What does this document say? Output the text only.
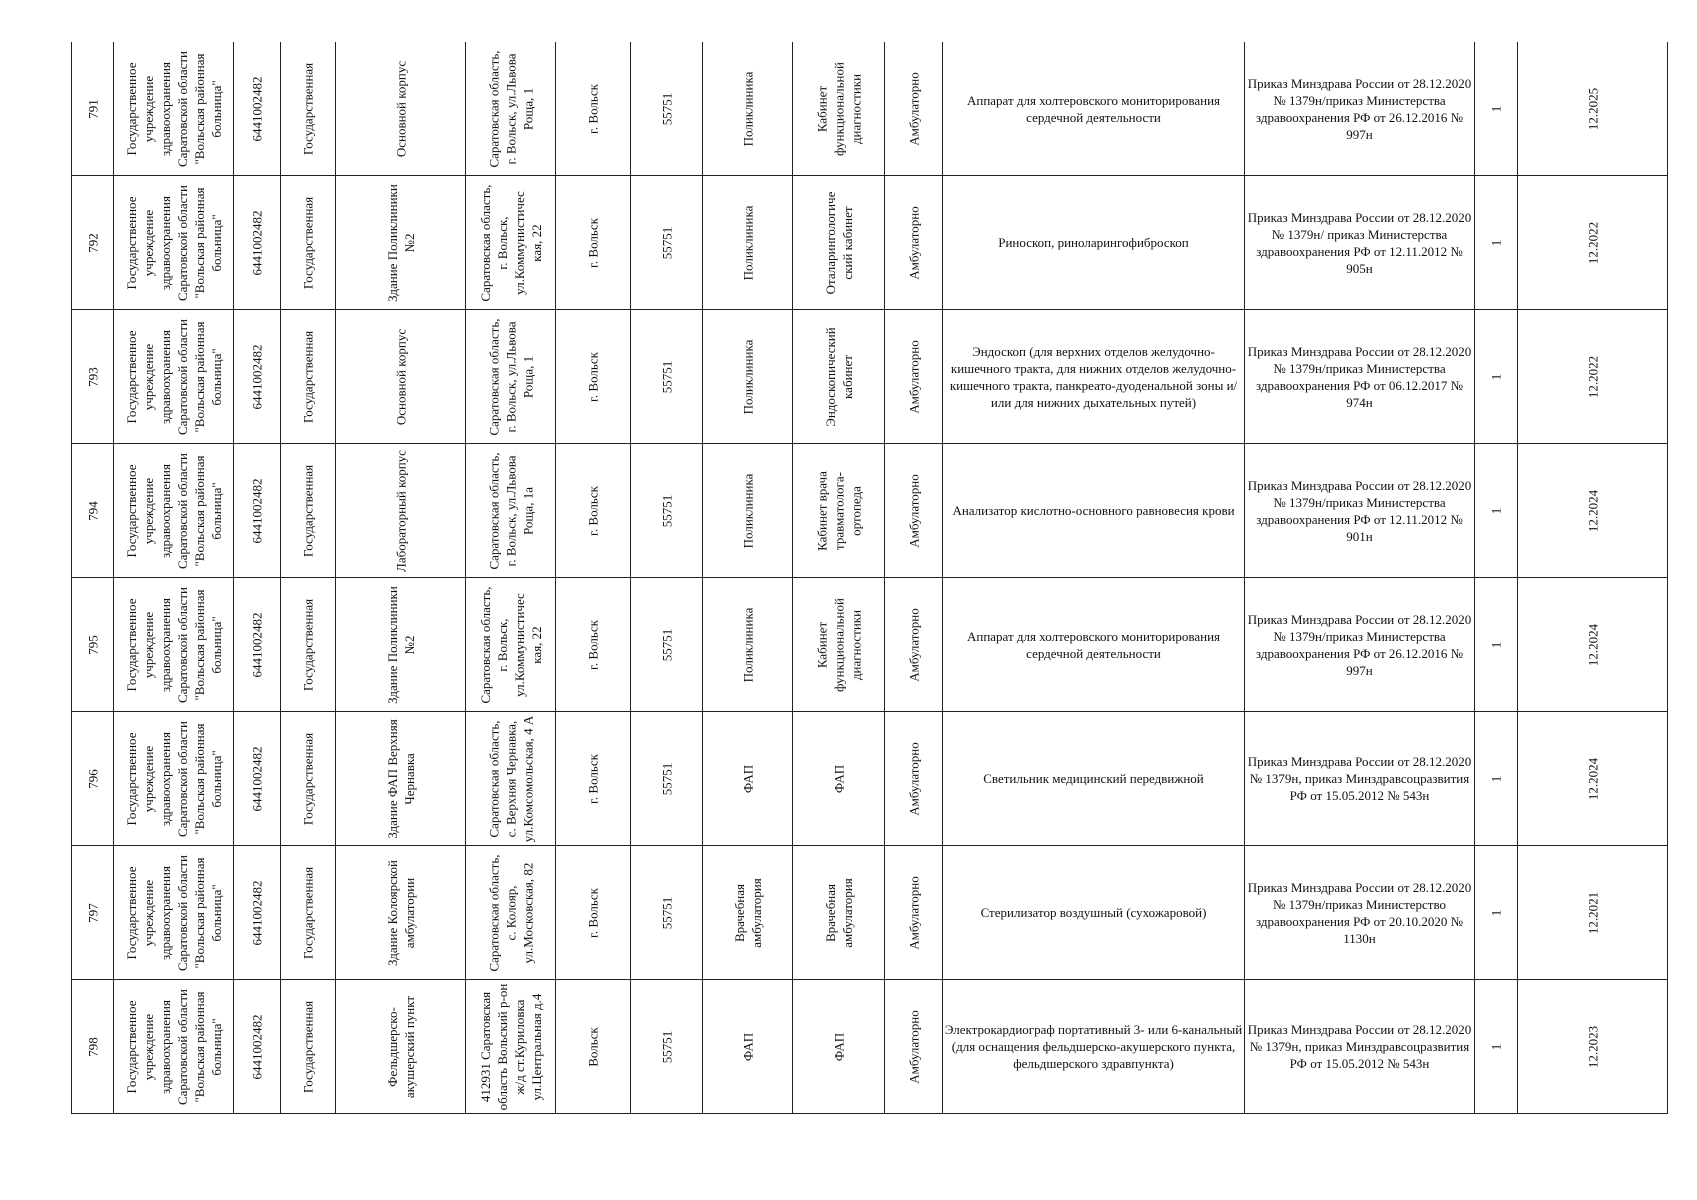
791	Государственное учреждение здравоохранения Саратовской области "Вольская районная больница"	6441002482	Государственная	Основной корпус	Саратовская область, г. Вольск, ул.Львова Роща, 1	г. Вольск	55751	Поликлиника	Кабинет функциональной диагностики	Амбулаторно	Аппарат для холтеровского мониторирования сердечной деятельности	Приказ Минздрава России от 28.12.2020 № 1379н/приказ Министерства здравоохранения РФ от 26.12.2016 № 997н	1	12.2025

792	Государственное учреждение здравоохранения Саратовской области "Вольская районная больница"	6441002482	Государственная	Здание Поликлиники №2	Саратовская область, г. Вольск, ул.Коммунистичес кая, 22	г. Вольск	55751	Поликлиника	Оталарингологиче ский кабинет	Амбулаторно	Риноскоп, риноларингофиброскоп	Приказ Минздрава России от 28.12.2020 № 1379н/ приказ Министерства здравоохранения РФ от 12.11.2012 № 905н	1	12.2022

793	Государственное учреждение здравоохранения Саратовской области "Вольская районная больница"	6441002482	Государственная	Основной корпус	Саратовская область, г. Вольск, ул.Львова Роща, 1	г. Вольск	55751	Поликлиника	Эндоскопический кабинет	Амбулаторно	Эндоскоп (для верхних отделов желудочно- кишечного тракта, для нижних отделов желудочно-кишечного тракта, панкреато-дуоденальной зоны и/или для нижних дыхательных путей)	Приказ Минздрава России от 28.12.2020 № 1379н/приказ Министерства здравоохранения РФ от 06.12.2017 № 974н	1	12.2022

794	Государственное учреждение здравоохранения Саратовской области "Вольская районная больница"	6441002482	Государственная	Лабораторный корпус	Саратовская область, г. Вольск, ул.Львова Роща, 1а	г. Вольск	55751	Поликлиника	Кабинет врача травматолога-ортопеда	Амбулаторно	Анализатор кислотно-основного равновесия крови	Приказ Минздрава России от 28.12.2020 № 1379н/приказ Министерства здравоохранения РФ от 12.11.2012 № 901н	1	12.2024

795	Государственное учреждение здравоохранения Саратовской области "Вольская районная больница"	6441002482	Государственная	Здание Поликлиники №2	Саратовская область, г. Вольск, ул.Коммунистичес кая, 22	г. Вольск	55751	Поликлиника	Кабинет функциональной диагностики	Амбулаторно	Аппарат для холтеровского мониторирования сердечной деятельности	Приказ Минздрава России от 28.12.2020 № 1379н/приказ Министерства здравоохранения РФ от 26.12.2016 № 997н	1	12.2024

796	Государственное учреждение здравоохранения Саратовской области "Вольская районная больница"	6441002482	Государственная	Здание ФАП Верхняя Чернавка	Саратовская область, с. Верхняя Чернавка, ул.Комсомольская, 4 А	г. Вольск	55751	ФАП	ФАП	Амбулаторно	Светильник медицинский передвижной	Приказ Минздрава России от 28.12.2020 № 1379н, приказ Минздравсоцразвития РФ от 15.05.2012 № 543н	1	12.2024

797	Государственное учреждение здравоохранения Саратовской области "Вольская районная больница"	6441002482	Государственная	Здание Колоярской амбулатории	Саратовская область, с. Колояр, ул.Московская, 82	г. Вольск	55751	Врачебная амбулатория	Врачебная амбулатория	Амбулаторно	Стерилизатор воздушный (сухожаровой)	Приказ Минздрава России от 28.12.2020 № 1379н/приказ Министерство здравоохранения РФ от 20.10.2020 № 1130н	1	12.2021

798	Государственное учреждение здравоохранения Саратовской области "Вольская районная больница"	6441002482	Государственная	Фельдшерско-акушерский пункт	412931 Саратовская область Вольский р-он ж/д ст.Куриловка ул.Центральная д.4	Вольск	55751	ФАП	ФАП	Амбулаторно	Электрокардиограф портативный 3- или 6-канальный (для оснащения фельдшерско-акушерского пункта, фельдшерского здравпункта)	Приказ Минздрава России от 28.12.2020 № 1379н, приказ Минздравсоцразвития РФ от 15.05.2012 № 543н	1	12.2023
